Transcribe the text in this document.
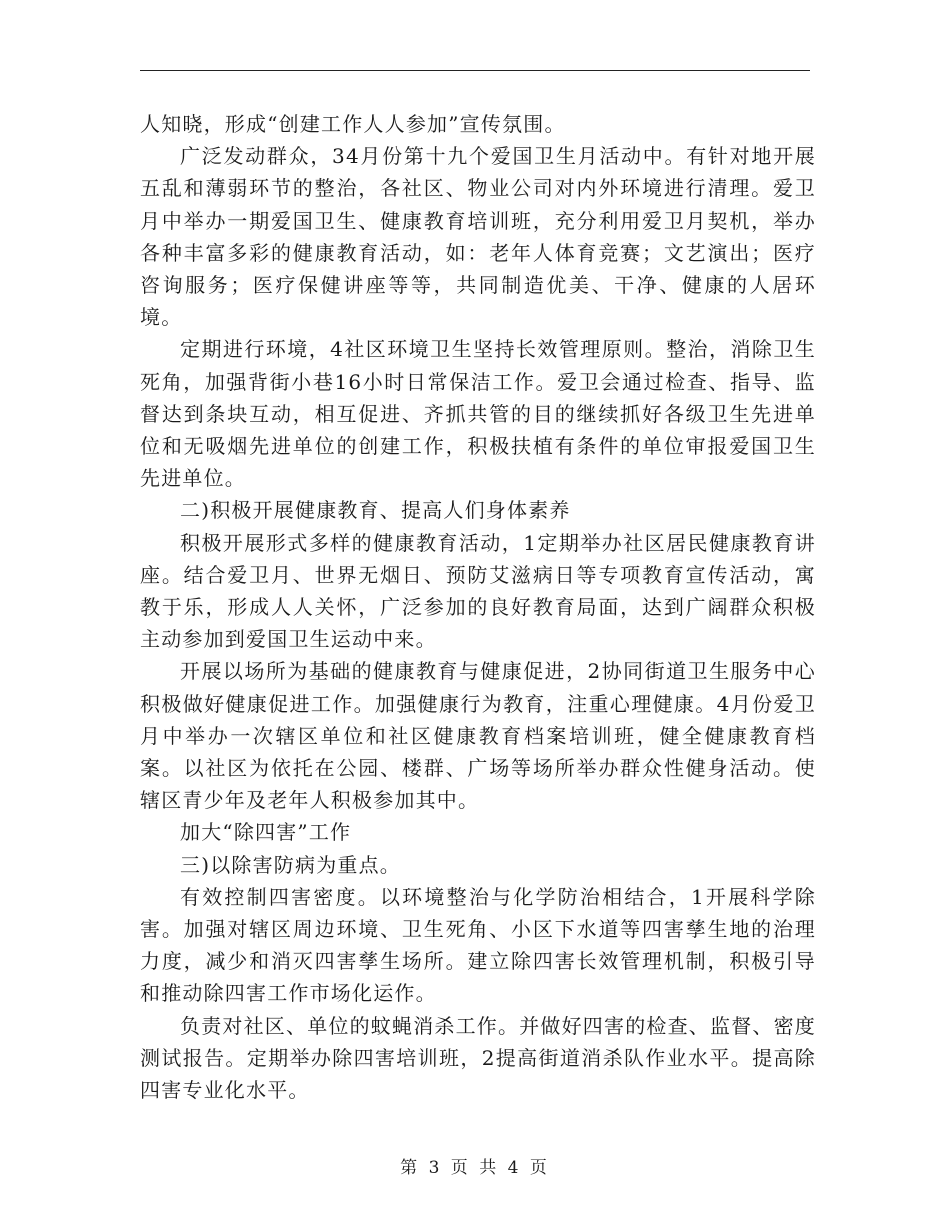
人知晓，形成“创建工作人人参加”宣传氛围。

广泛发动群众，34月份第十九个爱国卫生月活动中。有针对地开展五乱和薄弱环节的整治，各社区、物业公司对内外环境进行清理。爱卫月中举办一期爱国卫生、健康教育培训班，充分利用爱卫月契机，举办各种丰富多彩的健康教育活动，如：老年人体育竞赛；文艺演出；医疗咨询服务；医疗保健讲座等等，共同制造优美、干净、健康的人居环境。

定期进行环境，4社区环境卫生坚持长效管理原则。整治，消除卫生死角，加强背街小巷16小时日常保洁工作。爱卫会通过检查、指导、监督达到条块互动，相互促进、齐抓共管的目的继续抓好各级卫生先进单位和无吸烟先进单位的创建工作，积极扶植有条件的单位审报爱国卫生先进单位。

二)积极开展健康教育、提高人们身体素养

积极开展形式多样的健康教育活动，1定期举办社区居民健康教育讲座。结合爱卫月、世界无烟日、预防艾滋病日等专项教育宣传活动，寓教于乐，形成人人关怀，广泛参加的良好教育局面，达到广阔群众积极主动参加到爱国卫生运动中来。

开展以场所为基础的健康教育与健康促进，2协同街道卫生服务中心积极做好健康促进工作。加强健康行为教育，注重心理健康。4月份爱卫月中举办一次辖区单位和社区健康教育档案培训班，健全健康教育档案。以社区为依托在公园、楼群、广场等场所举办群众性健身活动。使辖区青少年及老年人积极参加其中。

加大“除四害”工作

三)以除害防病为重点。

有效控制四害密度。以环境整治与化学防治相结合，1开展科学除害。加强对辖区周边环境、卫生死角、小区下水道等四害孳生地的治理力度，减少和消灭四害孳生场所。建立除四害长效管理机制，积极引导和推动除四害工作市场化运作。

负责对社区、单位的蚊蝇消杀工作。并做好四害的检查、监督、密度测试报告。定期举办除四害培训班，2提高街道消杀队作业水平。提高除四害专业化水平。

第 3 页 共 4 页
